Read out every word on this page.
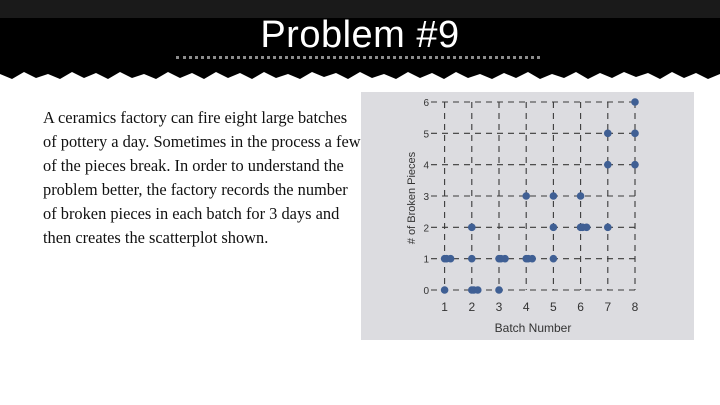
Problem #9

A ceramics factory can fire eight large batches of pottery a day. Sometimes in the process a few of the pieces break. In order to understand the problem better, the factory records the number of broken pieces in each batch for 3 days and then creates the scatterplot shown.

1 2 3 4 5 6 7 8
0
1
2
3
4
5
6
Batch Number
# of Broken Pieces
